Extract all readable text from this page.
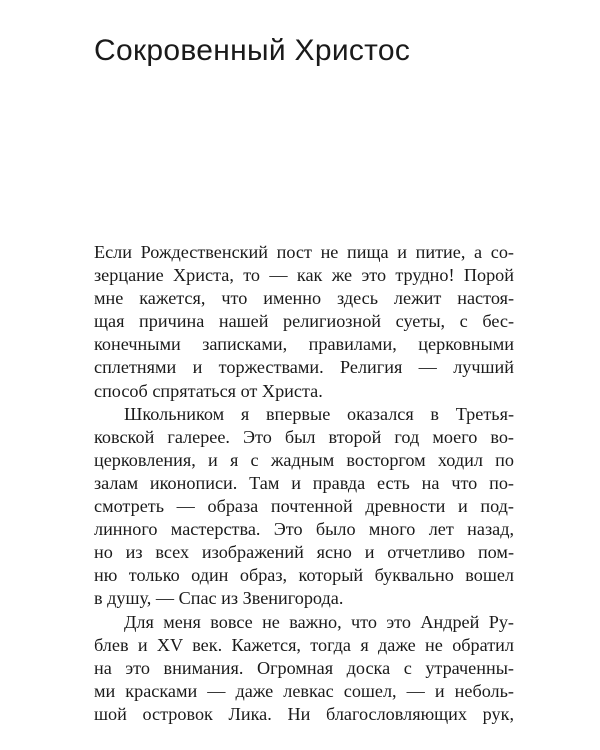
Сокровенный Христос
Если Рождественский пост не пища и питие, а со-
зерцание Христа, то — как же это трудно! Порой
мне кажется, что именно здесь лежит настоя-
щая причина нашей религиозной суеты, с бес-
конечными записками, правилами, церковными
сплетнями и торжествами. Религия — лучший
способ спрятаться от Христа.
Школьником я впервые оказался в Третья-
ковской галерее. Это был второй год моего во-
церковления, и я с жадным восторгом ходил по
залам иконописи. Там и правда есть на что по-
смотреть — образа почтенной древности и под-
линного мастерства. Это было много лет назад,
но из всех изображений ясно и отчетливо пом-
ню только один образ, который буквально вошел
в душу, — Спас из Звенигорода.
Для меня вовсе не важно, что это Андрей Ру-
блев и XV век. Кажется, тогда я даже не обратил
на это внимания. Огромная доска с утраченны-
ми красками — даже левкас сошел, — и неболь-
шой островок Лика. Ни благословляющих рук,
